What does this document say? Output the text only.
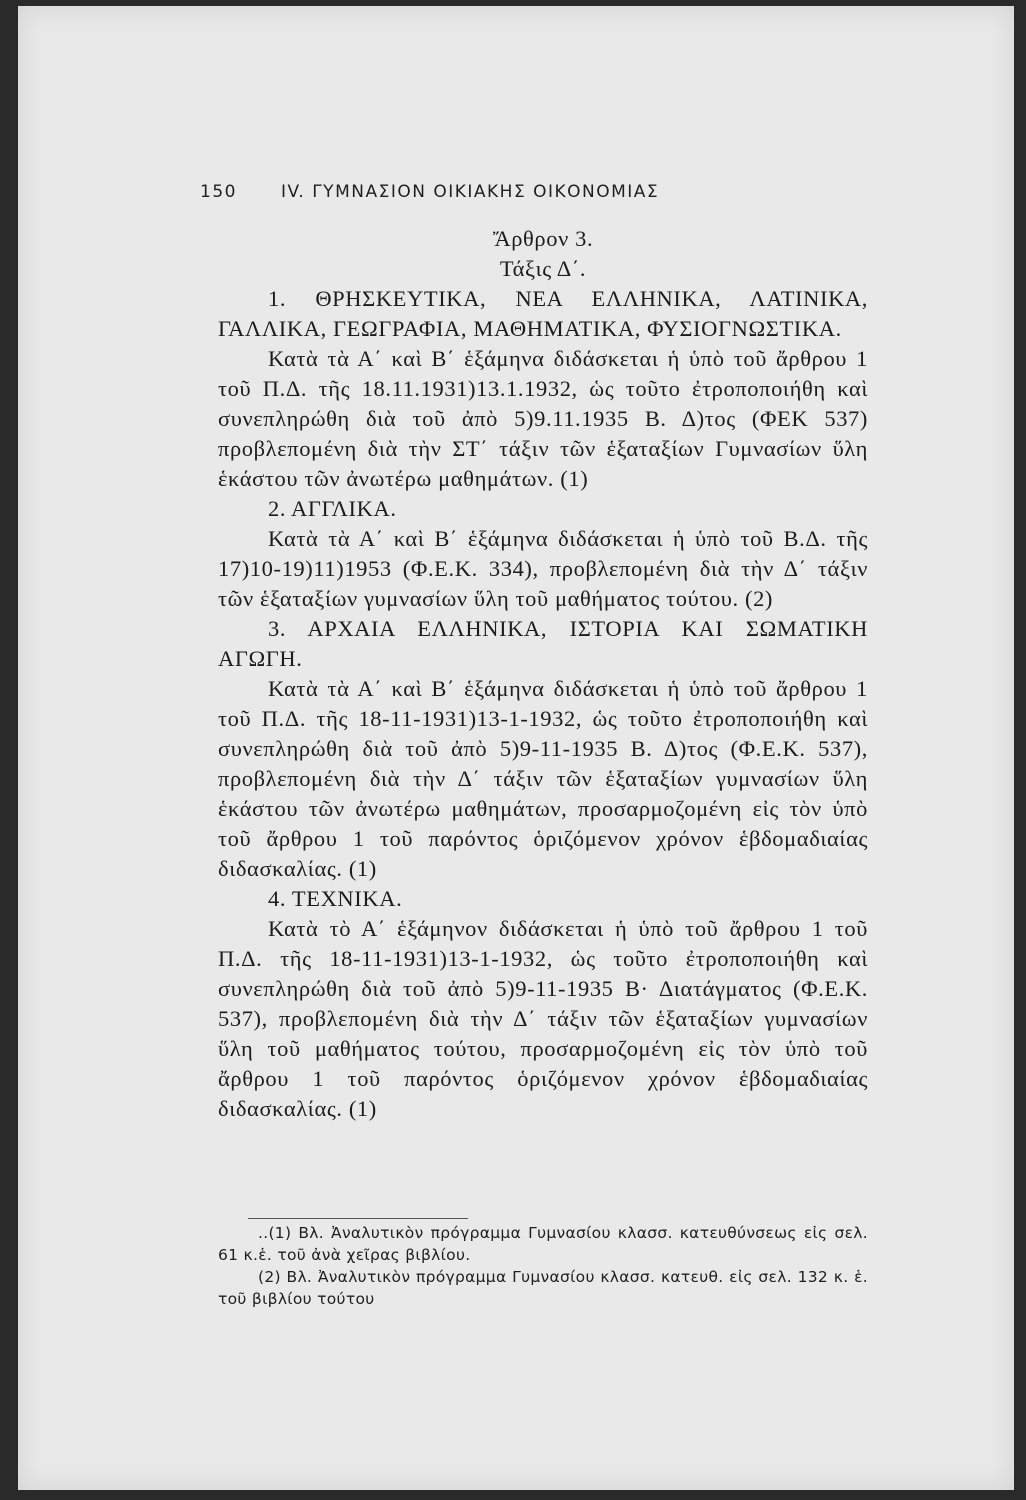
150	IV. ΓΥΜΝΑΣΙΟΝ ΟΙΚΙΑΚΗΣ ΟΙΚΟΝΟΜΙΑΣ
Ἄρθρον 3.
Τάξις Δ΄.
1. ΘΡΗΣΚΕΥΤΙΚΑ, ΝΕΑ ΕΛΛΗΝΙΚΑ, ΛΑΤΙΝΙΚΑ, ΓΑΛΛΙΚΑ, ΓΕΩΓΡΑΦΙΑ, ΜΑΘΗΜΑΤΙΚΑ, ΦΥΣΙΟΓΝΩΣΤΙΚΑ.
Κατὰ τὰ Α΄ καὶ Β΄ ἑξάμηνα διδάσκεται ἡ ὑπὸ τοῦ ἄρθρου 1 τοῦ Π.Δ. τῆς 18.11.1931)13.1.1932, ὡς τοῦτο ἐτροποποιήθη καὶ συνεπληρώθη διὰ τοῦ ἀπὸ 5)9.11.1935 Β. Δ)τος (ΦΕΚ 537) προβλεπομένη διὰ τὴν ΣΤ΄ τάξιν τῶν ἑξαταξίων Γυμνασίων ὕλη ἑκάστου τῶν ἀνωτέρω μαθημάτων. (1)
2. ΑΓΓΛΙΚΑ.
Κατὰ τὰ Α΄ καὶ Β΄ ἑξάμηνα διδάσκεται ἡ ὑπὸ τοῦ Β.Δ. τῆς 17)10-19)11)1953 (Φ.Ε.Κ. 334), προβλεπομένη διὰ τὴν Δ΄ τάξιν τῶν ἑξαταξίων γυμνασίων ὕλη τοῦ μαθήματος τούτου. (2)
3. ΑΡΧΑΙΑ ΕΛΛΗΝΙΚΑ, ΙΣΤΟΡΙΑ ΚΑΙ ΣΩΜΑΤΙΚΗ ΑΓΩΓΗ.
Κατὰ τὰ Α΄ καὶ Β΄ ἑξάμηνα διδάσκεται ἡ ὑπὸ τοῦ ἄρθρου 1 τοῦ Π.Δ. τῆς 18-11-1931)13-1-1932, ὡς τοῦτο ἐτροποποιήθη καὶ συνεπληρώθη διὰ τοῦ ἀπὸ 5)9-11-1935 Β. Δ)τος (Φ.Ε.Κ. 537), προβλεπομένη διὰ τὴν Δ΄ τάξιν τῶν ἑξαταξίων γυμνασίων ὕλη ἑκάστου τῶν ἀνωτέρω μαθημάτων, προσαρμοζομένη εἰς τὸν ὑπὸ τοῦ ἄρθρου 1 τοῦ παρόντος ὁριζόμενον χρόνον ἑβδομαδιαίας διδασκαλίας. (1)
4. ΤΕΧΝΙΚΑ.
Κατὰ τὸ Α΄ ἑξάμηνον διδάσκεται ἡ ὑπὸ τοῦ ἄρθρου 1 τοῦ Π.Δ. τῆς 18-11-1931)13-1-1932, ὡς τοῦτο ἐτροποποιήθη καὶ συνεπληρώθη διὰ τοῦ ἀπὸ 5)9-11-1935 Β· Διατάγματος (Φ.Ε.Κ. 537), προβλεπομένη διὰ τὴν Δ΄ τάξιν τῶν ἑξαταξίων γυμνασίων ὕλη τοῦ μαθήματος τούτου, προσαρμοζομένη εἰς τὸν ὑπὸ τοῦ ἄρθρου 1 τοῦ παρόντος ὁριζόμενον χρόνον ἑβδομαδιαίας διδασκαλίας. (1)
..(1) Βλ. Ἀναλυτικὸν πρόγραμμα Γυμνασίου κλασσ. κατευθύνσεως εἰς σελ. 61 κ.ἑ. τοῦ ἀνὰ χεῖρας βιβλίου.
(2) Βλ. Ἀναλυτικὸν πρόγραμμα Γυμνασίου κλασσ. κατευθ. εἰς σελ. 132 κ. ἑ. τοῦ βιβλίου τούτου
